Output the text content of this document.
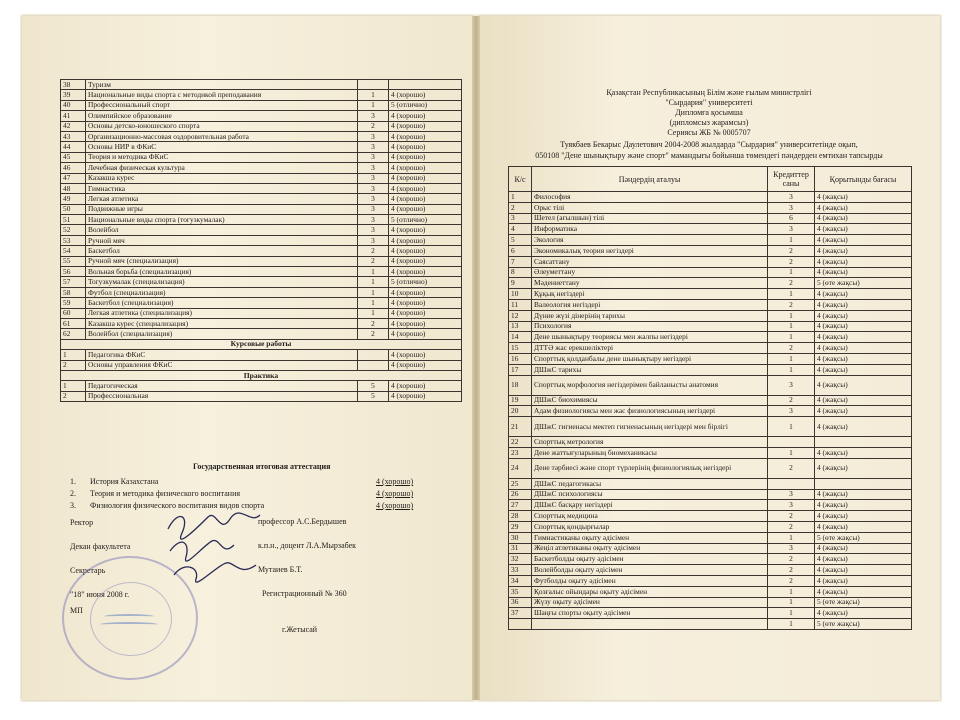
38	Туризм		
39	Национальные виды спорта с методикой преподавания	1	4 (хорошо)
40	Профессиональный спорт	1	5 (отлично)
41	Олимпийское образование	3	4 (хорошо)
42	Основы детско-юношеского спорта	2	4 (хорошо)
43	Организационно-массовая оздоровительная работа	3	4 (хорошо)
44	Основы НИР в ФКиС	3	4 (хорошо)
45	Теория и методика ФКиС	3	4 (хорошо)
46	Лечебная физическая культура	3	4 (хорошо)
47	Казакша курес	3	4 (хорошо)
48	Гимнастика	3	4 (хорошо)
49	Легкая атлетика	3	4 (хорошо)
50	Подвижные игры	3	4 (хорошо)
51	Национальные виды спорта (тогузкумалак)	3	5 (отлично)
52	Волейбол	3	4 (хорошо)
53	Ручной мяч	3	4 (хорошо)
54	Баскетбол	2	4 (хорошо)
55	Ручной мяч (специализация)	2	4 (хорошо)
56	Вольная борьба (специализация)	1	4 (хорошо)
57	Тогузкумалак (специализация)	1	5 (отлично)
58	Футбол (специализация)	1	4 (хорошо)
59	Баскетбол (специализация)	1	4 (хорошо)
60	Легкая атлетика (специализация)	1	4 (хорошо)
61	Казакша курес (специализация)	2	4 (хорошо)
62	Волейбол (специализация)	2	4 (хорошо)
Курсовые работы			
1	Педагогика ФКиС		4 (хорошо)
2	Основы управления ФКиС		4 (хорошо)
Практика			
1	Педагогическая	5	4 (хорошо)
2	Профессиональная	5	4 (хорошо)
Государственная итоговая аттестация
1. История Казахстана	4 (хорошо)
2. Теория и методика физического воспитания	4 (хорошо)
3. Физиология физического воспитания видов спорта	4 (хорошо)
Ректор	профессор А.С.Бердышев
Декан факультета	к.п.н., доцент Л.А.Мырзабек
Секретарь	Мутаиев Б.Т.
"18" июня 2008 г.	Регистрационный № 360
МП
г.Жетысай
Қазақстан Республикасының Білім және ғылым министрлігі
"Сырдария" университеті
Дипломға қосымша
(дипломсыз жарамсыз)
Сериясы ЖБ № 0005707
Туякбаев Бекарыс Даулетович 2004-2008 жылдарда "Сырдария" университетінде оқып,
050108 "Дене шынықтыру және спорт" мамандығы бойынша төмендегі пәндерден емтихан тапсырды
К/с	Пәндердің аталуы	Кредиттер саны	Қорытынды бағасы
1	Философия	3	4 (жақсы)
2	Орыс тілі	3	4 (жақсы)
3	Шетел (ағылшын) тілі	6	4 (жақсы)
4	Информатика	3	4 (жақсы)
5	Экология	1	4 (жақсы)
6	Экономикалық теория негіздері	2	4 (жақсы)
7	Саясаттану	2	4 (жақсы)
8	Әлеуметтану	1	4 (жақсы)
9	Мәдениеттану	2	5 (өте жақсы)
10	Құқық негіздері	1	4 (жақсы)
11	Валеология негіздері	2	4 (жақсы)
12	Дүние жүзі дінерінің тарихы	1	4 (жақсы)
13	Психология	1	4 (жақсы)
14	Дене шынықтыру теориясы мен жалпы негіздері	1	4 (жақсы)
15	ДТТӘ жас ерекшеліктері	2	4 (жақсы)
16	Спорттық қолданбалы дене шынықтыру негіздері	1	4 (жақсы)
17	ДШжС тарихы	1	4 (жақсы)
18	Спорттық морфология негіздерімен байланысты анатомия	3	4 (жақсы)
19	ДШжС биохимиясы	2	4 (жақсы)
20	Адам физиологиясы мен жас физиологиясының негіздері	3	4 (жақсы)
21	ДШжС гигиенасы мектеп гигиенасының негіздері мен бірлігі	1	4 (жақсы)
22	Спорттық метрология		
23	Дене жаттығуларының биомеханикасы	1	4 (жақсы)
24	Дене тәрбиесі және спорт түрлерінің физиологиялық негіздері	2	4 (жақсы)
25	ДШжС педагогикасы		
26	ДШжС психологиясы	3	4 (жақсы)
27	ДШжС басқару негіздері	3	4 (жақсы)
28	Спорттық медицина	2	4 (жақсы)
29	Спорттық қондырғылар	2	4 (жақсы)
30	Гимнастиканы оқыту әдісімен	1	5 (өте жақсы)
31	Жеңіл атлетиканы оқыту әдісімен	3	4 (жақсы)
32	Баскетболды оқыту әдісімен	2	4 (жақсы)
33	Волейболды оқыту әдісімен	2	4 (жақсы)
34	Футболды оқыту әдісімен	2	4 (жақсы)
35	Қозғалыс ойындары оқыту әдісімен	1	4 (жақсы)
36	Жүзу оқыту әдісімен	1	5 (өте жақсы)
37	Шаңғы спорты оқыту әдісімен	1	4 (жақсы)
		1	5 (өте жақсы)
